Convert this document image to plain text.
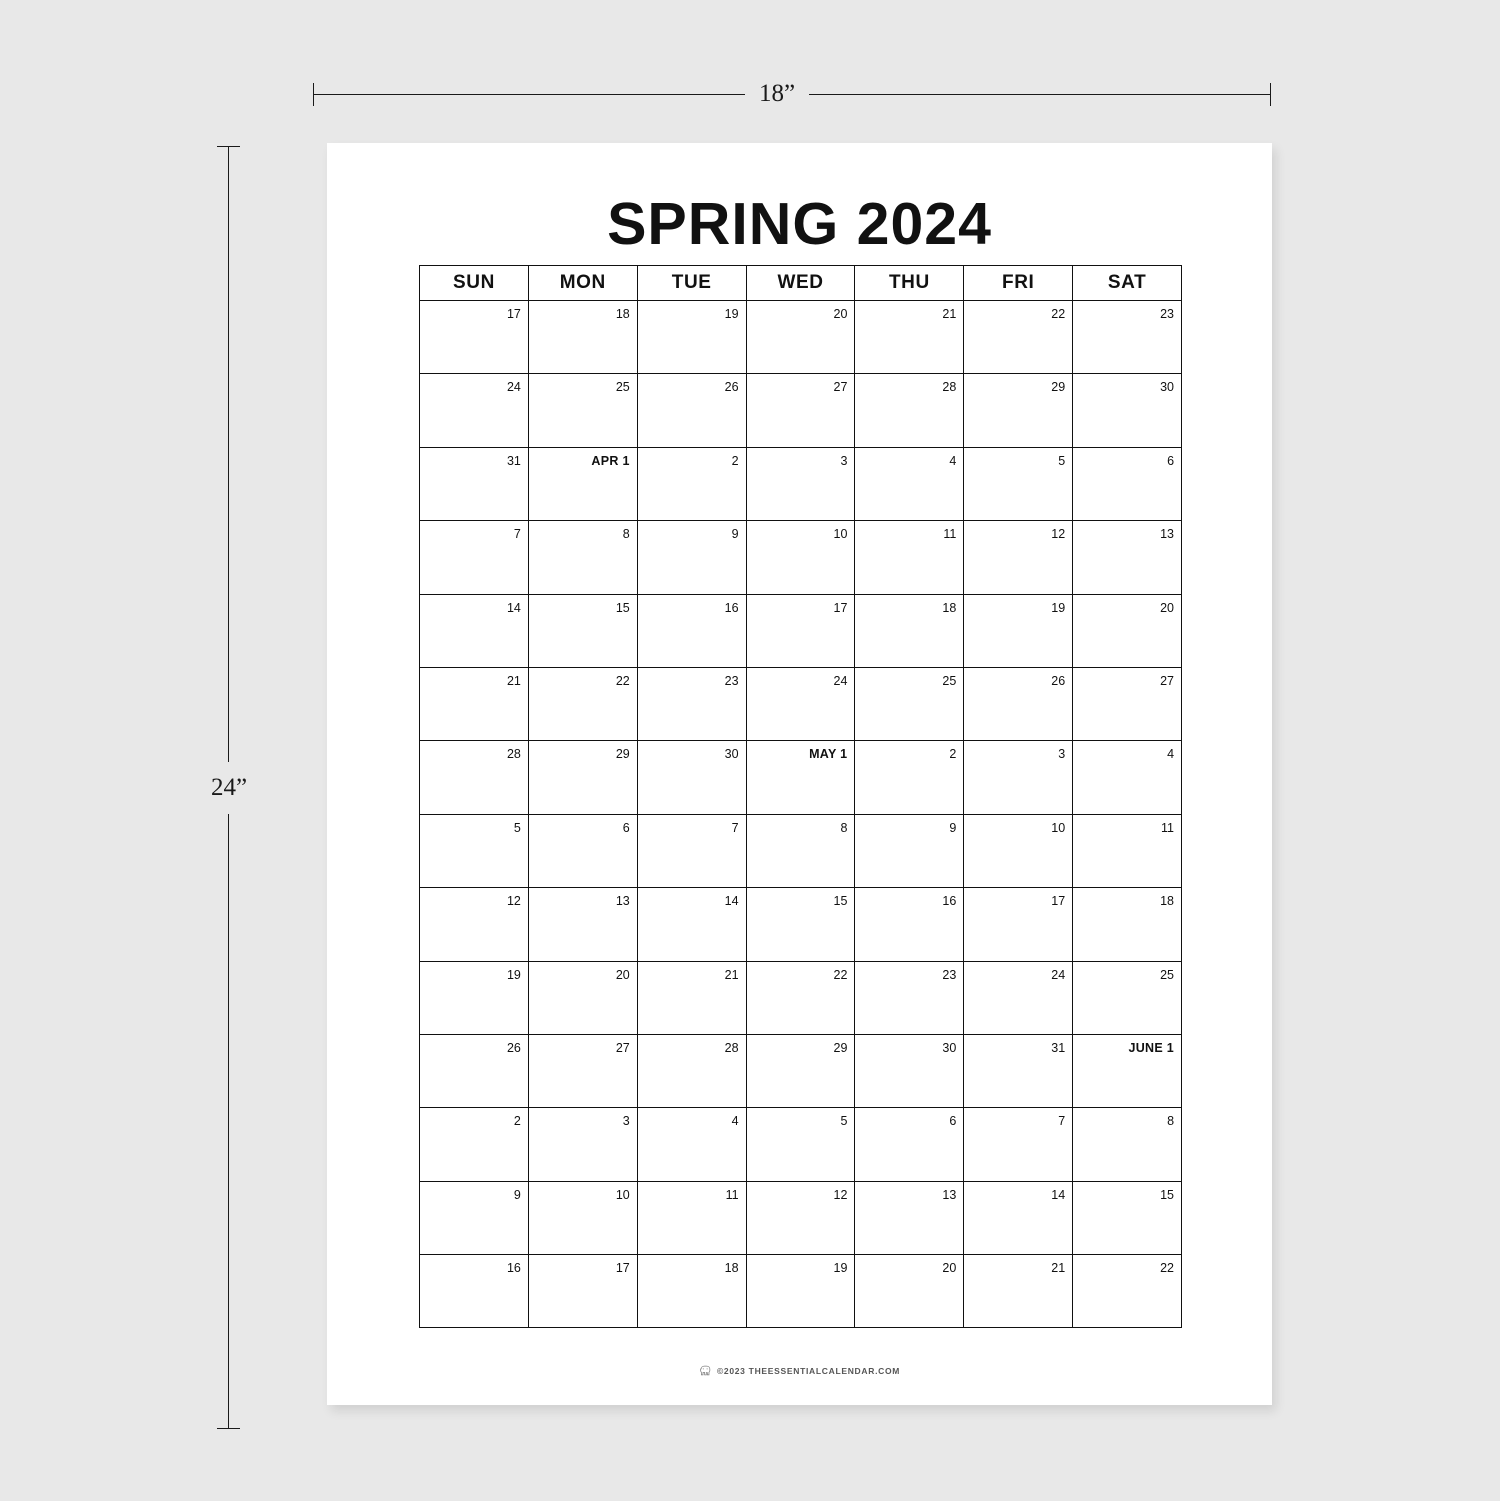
18”
24”
SPRING 2024
SUN	MON	TUE	WED	THU	FRI	SAT
17	18	19	20	21	22	23
24	25	26	27	28	29	30
31	APR 1	2	3	4	5	6
7	8	9	10	11	12	13
14	15	16	17	18	19	20
21	22	23	24	25	26	27
28	29	30	MAY 1	2	3	4
5	6	7	8	9	10	11
12	13	14	15	16	17	18
19	20	21	22	23	24	25
26	27	28	29	30	31	JUNE 1
2	3	4	5	6	7	8
9	10	11	12	13	14	15
16	17	18	19	20	21	22
©2023 THEESSENTIALCALENDAR.COM
